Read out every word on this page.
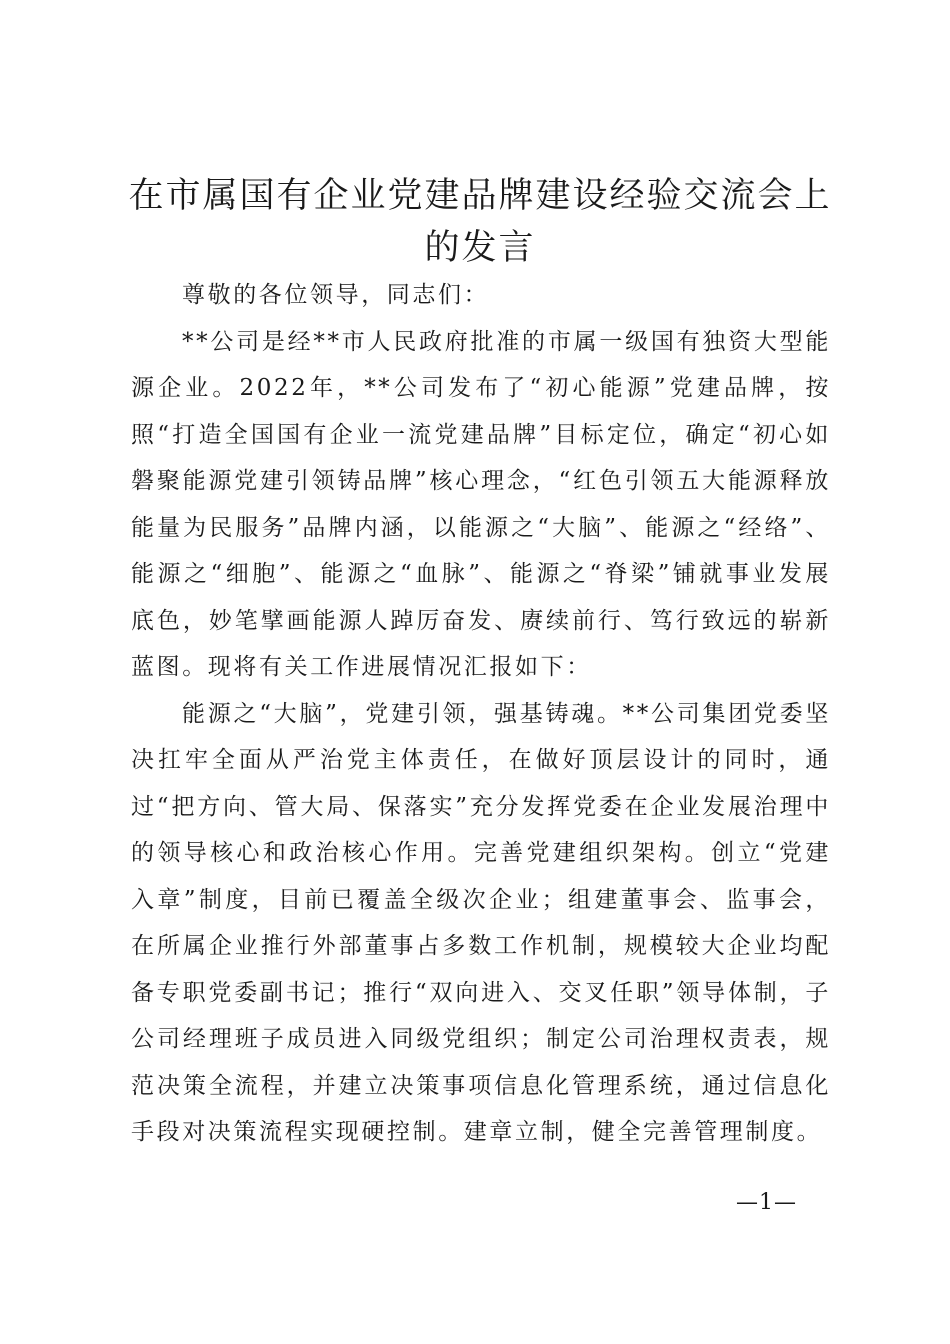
在市属国有企业党建品牌建设经验交流会上的发言

尊敬的各位领导，同志们：

**公司是经**市人民政府批准的市属一级国有独资大型能源企业。2022年，**公司发布了“初心能源”党建品牌，按照“打造全国国有企业一流党建品牌”目标定位，确定“初心如磐聚能源党建引领铸品牌”核心理念，“红色引领五大能源释放能量为民服务”品牌内涵，以能源之“大脑”、能源之“经络”、能源之“细胞”、能源之“血脉”、能源之“脊梁”铺就事业发展底色，妙笔擘画能源人踔厉奋发、赓续前行、笃行致远的崭新蓝图。现将有关工作进展情况汇报如下：

能源之“大脑”，党建引领，强基铸魂。**公司集团党委坚决扛牢全面从严治党主体责任，在做好顶层设计的同时，通过“把方向、管大局、保落实”充分发挥党委在企业发展治理中的领导核心和政治核心作用。完善党建组织架构。创立“党建入章”制度，目前已覆盖全级次企业；组建董事会、监事会，在所属企业推行外部董事占多数工作机制，规模较大企业均配备专职党委副书记；推行“双向进入、交叉任职”领导体制，子公司经理班子成员进入同级党组织；制定公司治理权责表，规范决策全流程，并建立决策事项信息化管理系统，通过信息化手段对决策流程实现硬控制。建章立制，健全完善管理制度。

—1—
